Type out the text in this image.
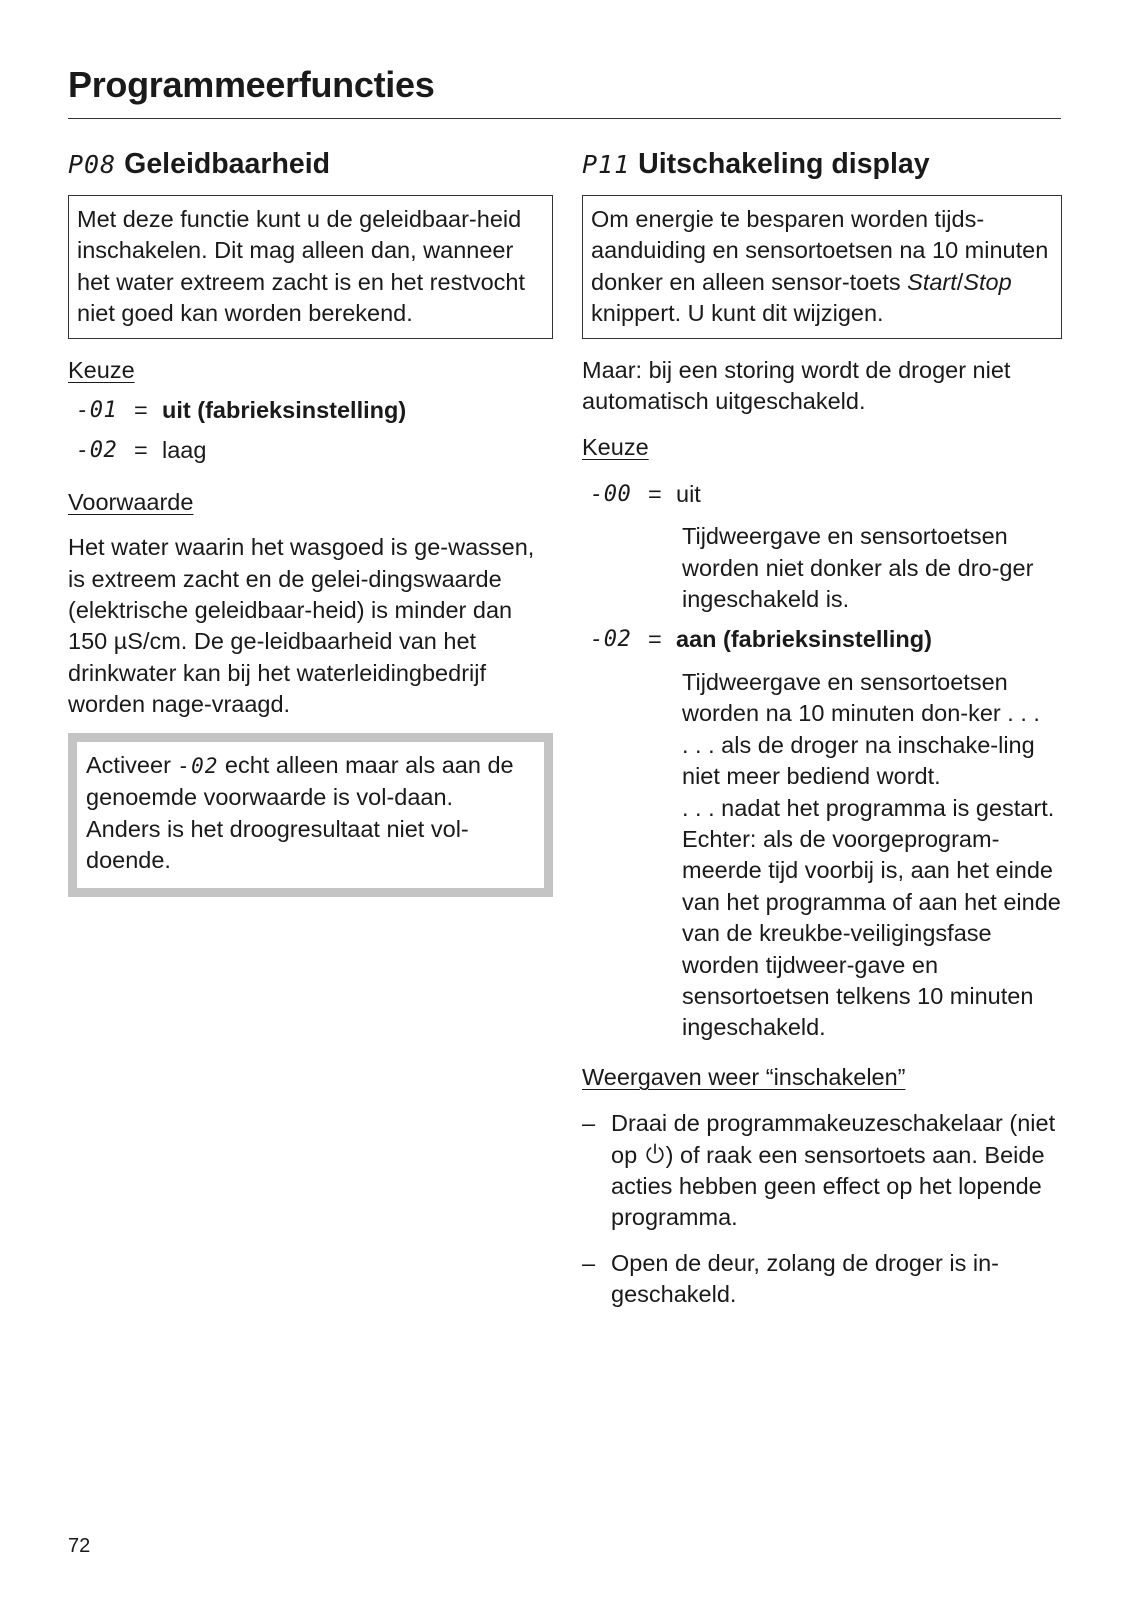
Programmeerfuncties
P08 Geleidbaarheid
Met deze functie kunt u de geleidbaar-heid inschakelen. Dit mag alleen dan, wanneer het water extreem zacht is en het restvocht niet goed kan worden berekend.

Keuze

-01 = uit (fabrieksinstelling)
-02 = laag

Voorwaarde

Het water waarin het wasgoed is ge-wassen, is extreem zacht en de gelei-dingswaarde (elektrische geleidbaar-heid) is minder dan 150 µS/cm. De ge-leidbaarheid van het drinkwater kan bij het waterleidingbedrijf worden nage-vraagd.

Activeer -02 echt alleen maar als aan de genoemde voorwaarde is vol-daan.
Anders is het droogresultaat niet vol-doende.
P11 Uitschakeling display
Om energie te besparen worden tijds-aanduiding en sensortoetsen na 10 minuten donker en alleen sensor-toets Start/Stop knippert. U kunt dit wijzigen.

Maar: bij een storing wordt de droger niet automatisch uitgeschakeld.

Keuze

-00 = uit
Tijdweergave en sensortoetsen worden niet donker als de dro-ger ingeschakeld is.
-02 = aan (fabrieksinstelling)
Tijdweergave en sensortoetsen worden na 10 minuten don-ker . . .
. . . als de droger na inschake-ling niet meer bediend wordt.
. . . nadat het programma is gestart.
Echter: als de voorgeprogram-meerde tijd voorbij is, aan het einde van het programma of aan het einde van de kreukbe-veiligingsfase worden tijdweer-gave en sensortoetsen telkens 10 minuten ingeschakeld.

Weergaven weer “inschakelen”

– Draai de programmakeuzeschakelaar (niet op ) of raak een sensortoets aan. Beide acties hebben geen effect op het lopende programma.
– Open de deur, zolang de droger is in-geschakeld.
72
